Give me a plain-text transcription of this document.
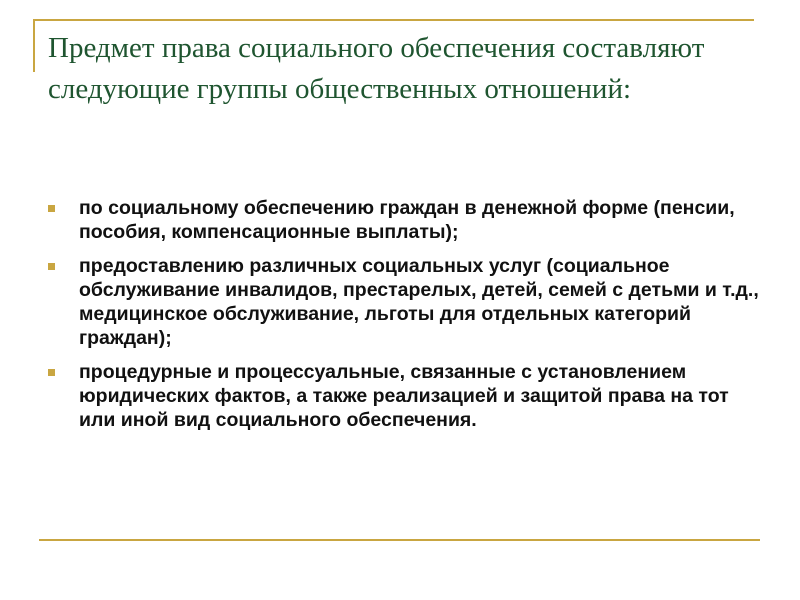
Предмет права социального обеспечения составляют следующие группы общественных отношений:
по социальному обеспечению граждан в денежной форме (пенсии, пособия, компенсационные выплаты);
предоставлению различных социальных услуг (социальное обслуживание инвалидов, престарелых, детей, семей с детьми и т.д., медицинское обслуживание, льготы для отдельных категорий граждан);
процедурные и процессуальные, связанные с установлением юридических фактов, а также реализацией и защитой права на тот или иной вид социального обеспечения.
